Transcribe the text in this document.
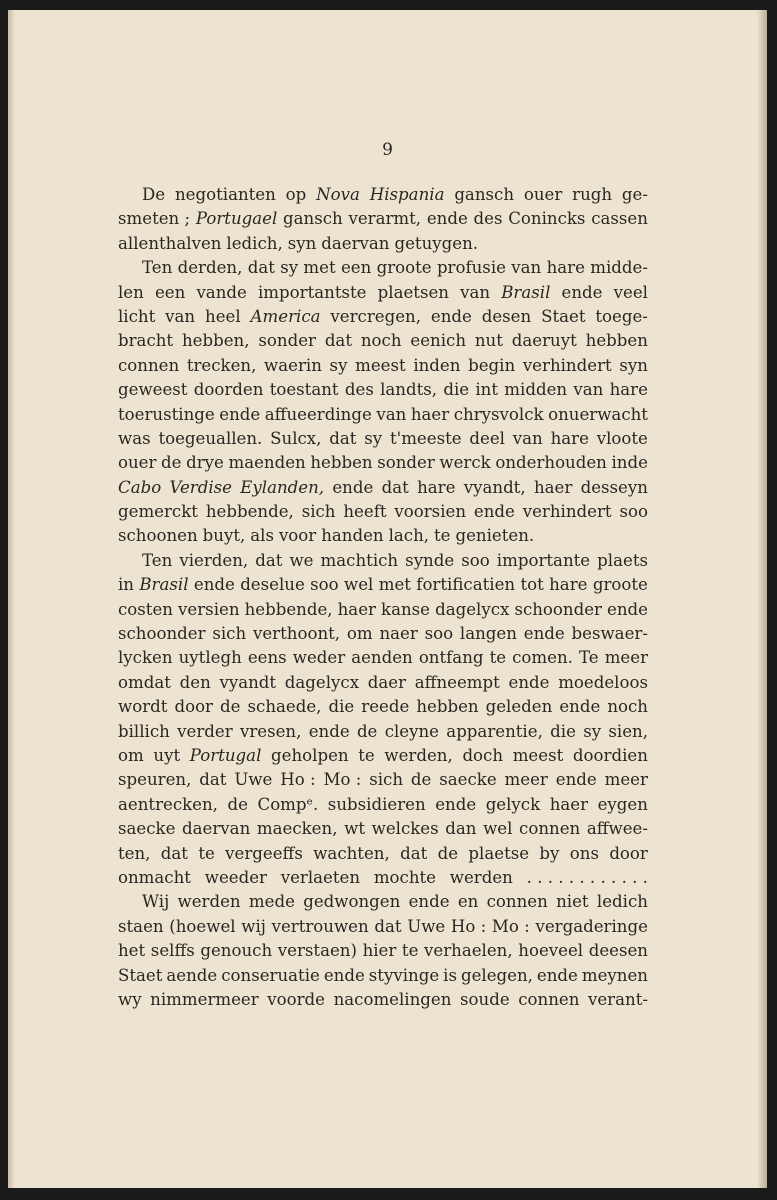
9
De negotianten op Nova Hispania gansch ouer rugh ge-
smeten ; Portugael gansch verarmt, ende des Conincks cassen
allenthalven ledich, syn daervan getuygen.
Ten derden, dat sy met een groote profusie van hare midde-
len een vande importantste plaetsen van Brasil ende veel
licht van heel America vercregen, ende desen Staet toege-
bracht hebben, sonder dat noch eenich nut daeruyt hebben
connen trecken, waerin sy meest inden begin verhindert syn
geweest doorden toestant des landts, die int midden van hare
toerustinge ende affueerdinge van haer chrysvolck onuerwacht
was toegeuallen. Sulcx, dat sy t'meeste deel van hare vloote
ouer de drye maenden hebben sonder werck onderhouden inde
Cabo Verdise Eylanden, ende dat hare vyandt, haer desseyn
gemerckt hebbende, sich heeft voorsien ende verhindert soo
schoonen buyt, als voor handen lach, te genieten.
Ten vierden, dat we machtich synde soo importante plaets
in Brasil ende deselue soo wel met fortificatien tot hare groote
costen versien hebbende, haer kanse dagelycx schoonder ende
schoonder sich verthoont, om naer soo langen ende beswaer-
lycken uytlegh eens weder aenden ontfang te comen. Te meer
omdat den vyandt dagelycx daer affneempt ende moedeloos
wordt door de schaede, die reede hebben geleden ende noch
billich verder vresen, ende de cleyne apparentie, die sy sien,
om uyt Portugal geholpen te werden, doch meest doordien
speuren, dat Uwe Ho : Mo : sich de saecke meer ende meer
aentrecken, de Compᵉ. subsidieren ende gelyck haer eygen
saecke daervan maecken, wt welckes dan wel connen affwee-
ten, dat te vergeeffs wachten, dat de plaetse by ons door
onmacht weeder verlaeten mochte werden . . . . . . . . . . . .
Wij werden mede gedwongen ende en connen niet ledich
staen (hoewel wij vertrouwen dat Uwe Ho : Mo : vergaderinge
het selffs genouch verstaen) hier te verhaelen, hoeveel deesen
Staet aende conseruatie ende styvinge is gelegen, ende meynen
wy nimmermeer voorde nacomelingen soude connen verant-
